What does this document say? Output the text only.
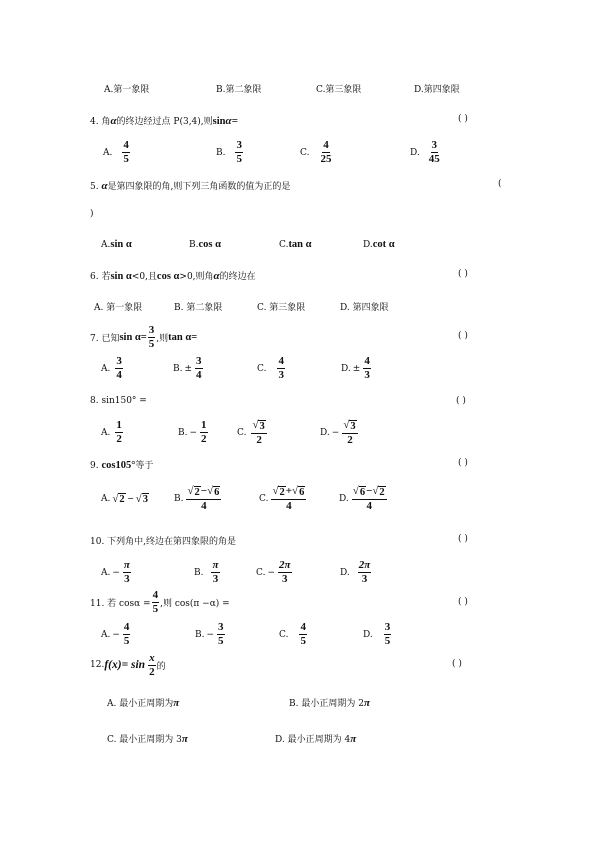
A.第一象限	B.第二象限	C.第三象限	D.第四象限
4. 角α的终边经过点 P(3,4),则sinα=	( )
A. $\frac{4}{5}$	B. $\frac{3}{5}$	C. $\frac{4}{25}$	D. $\frac{3}{45}$
5. α是第四象限的角,则下列三角函数的值为正的是	(
)
A.sin α	B.cos α	C.tan α	D.cot α
6. 若sin α<0,且cos α>0,则角α的终边在	( )
A. 第一象限	B. 第二象限	C. 第三象限	D. 第四象限
7. 已知 $\sin \alpha= \frac{3}{5}$ ,则 tan α=	( )
A. $\frac{3}{4}$	B. ± $\frac{3}{4}$	C. $\frac{4}{3}$	D. ± $\frac{4}{3}$
8. sin150° =	( )
A. $\frac{1}{2}$	B. − $\frac{1}{2}$	C. $\frac{√ 3}{2}$	D. − $\frac{√ 3}{2}$
9. cos105°等于	( )
A. √ 2 − √ 3	B. $\frac{√ 2 - √ 6}{4}$	C. $\frac{√ 2 + √ 6}{4}$	D. $\frac{√ 6 - √ 2}{4}$
10. 下列角中,终边在第四象限的角是	( )
A. − $\frac{\pi}{3}$	B. $\frac{\pi}{3}$	C. − $\frac{2\pi}{3}$	D. $\frac{2\pi}{3}$
11. 若 $\cos\alpha = \frac{4}{5}$ ,则 cos(π −α) =	( )
A. − $\frac{4}{5}$	B. − $\frac{3}{5}$	C. $\frac{4}{5}$	D. $\frac{3}{5}$
12. $f(x)= \sin \frac{x}{2}$ 的	( )
A. 最小正周期为π	B. 最小正周期为 2π
C. 最小正周期为 3π	D. 最小正周期为 4π
